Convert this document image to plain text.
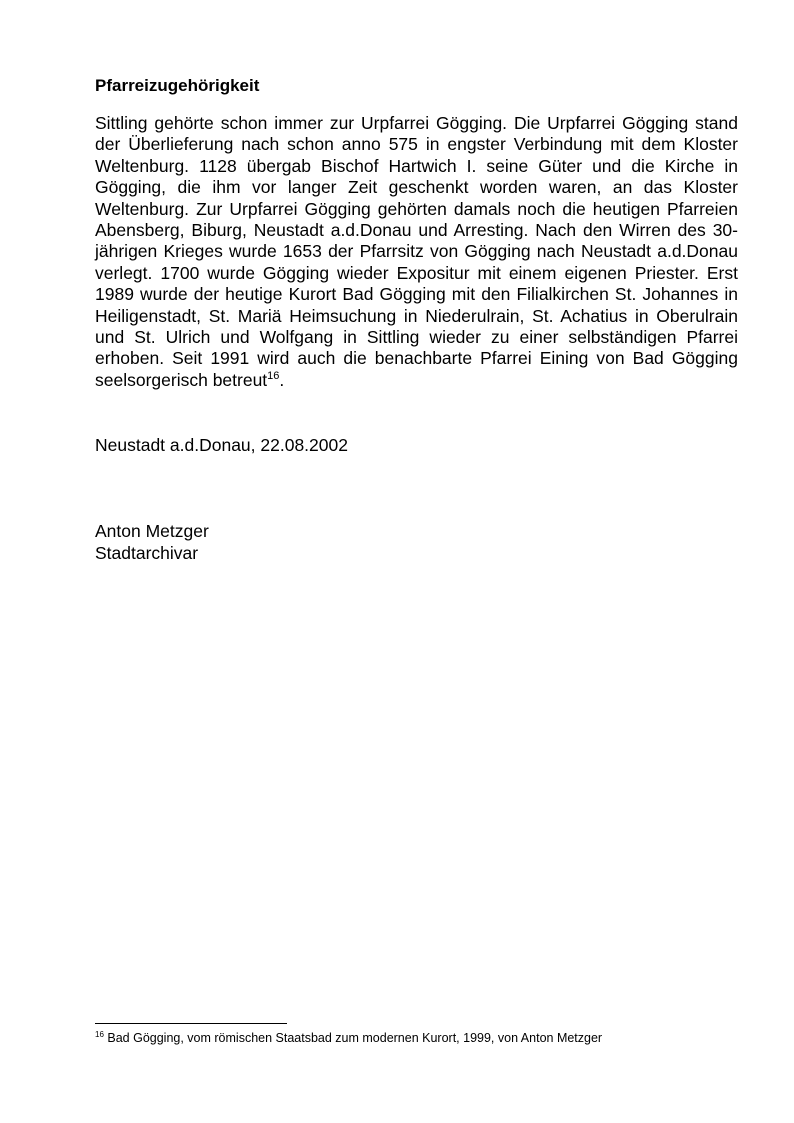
Pfarreizugehörigkeit

Sittling gehörte schon immer zur Urpfarrei Gögging. Die Urpfarrei Gögging stand der Überlieferung nach schon anno 575 in engster Verbindung mit dem Kloster Weltenburg. 1128 übergab Bischof Hartwich I. seine Güter und die Kirche in Gögging, die ihm vor langer Zeit geschenkt worden waren, an das Kloster Weltenburg. Zur Urpfarrei Gögging gehörten damals noch die heutigen Pfarreien Abensberg, Biburg, Neustadt a.d.Donau und Arresting. Nach den Wirren des 30-jährigen Krieges wurde 1653 der Pfarrsitz von Gögging nach Neustadt a.d.Donau verlegt. 1700 wurde Gögging wieder Expositur mit einem eigenen Priester. Erst 1989 wurde der heutige Kurort Bad Gögging mit den Filialkirchen St. Johannes in Heiligenstadt, St. Mariä Heimsuchung in Niederulrain, St. Achatius in Oberulrain und St. Ulrich und Wolfgang in Sittling wieder zu einer selbständigen Pfarrei erhoben. Seit 1991 wird auch die benachbarte Pfarrei Eining von Bad Gögging seelsorgerisch betreut$^{16}$.

Neustadt a.d.Donau, 22.08.2002

Anton Metzger
Stadtarchivar

$^{16}$ Bad Gögging, vom römischen Staatsbad zum modernen Kurort, 1999, von Anton Metzger
